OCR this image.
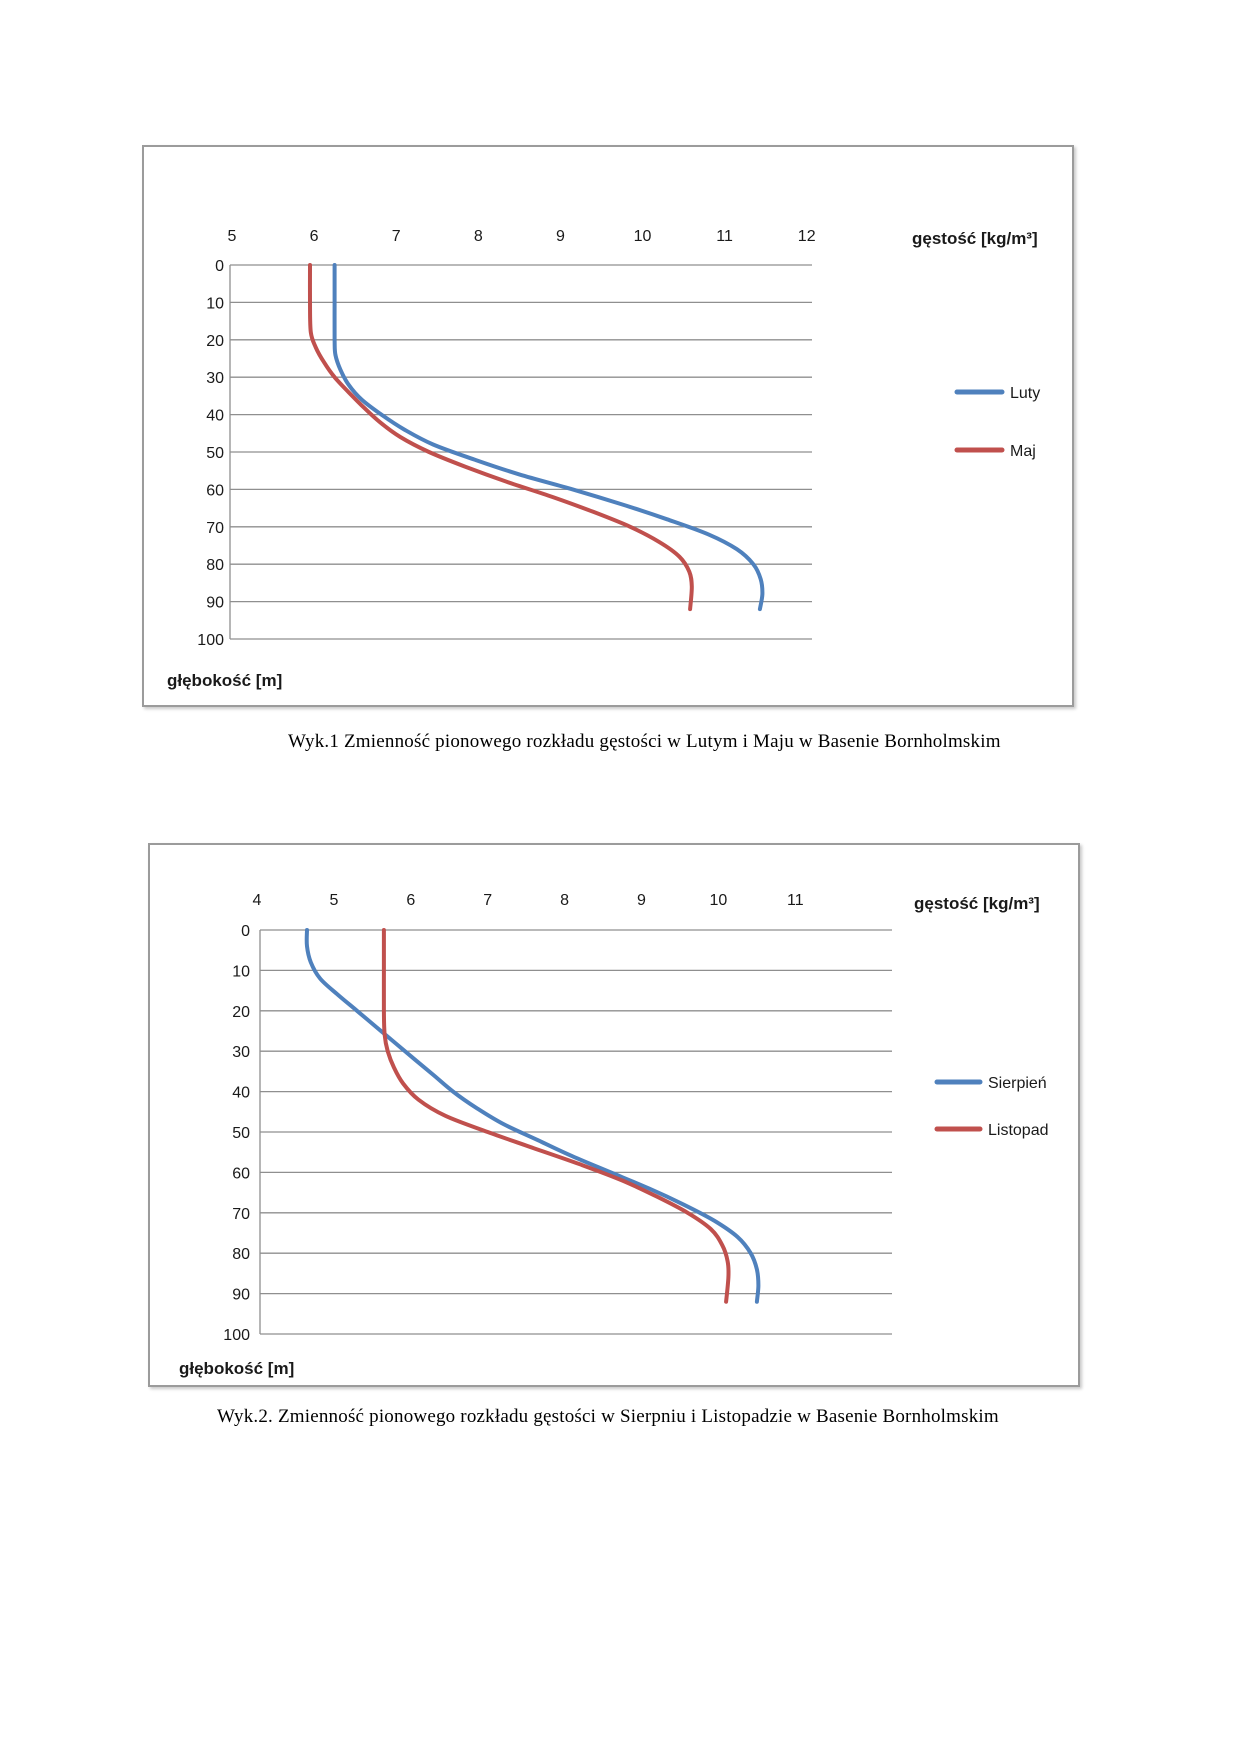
0
10
20
30
40
50
60
70
80
90
100
5	6	7	8	9	10	11	12	gęstość [kg/m³]
Luty
Maj
głębokość [m]
Wyk.1 Zmienność pionowego rozkładu gęstości w Lutym i Maju w Basenie Bornholmskim
0
10
20
30
40
50
60
70
80
90
100
4	5	6	7	8	9	10	11	gęstość [kg/m³]
Sierpień
Listopad
głębokość [m]
Wyk.2. Zmienność pionowego rozkładu gęstości w Sierpniu i Listopadzie w Basenie Bornholmskim
